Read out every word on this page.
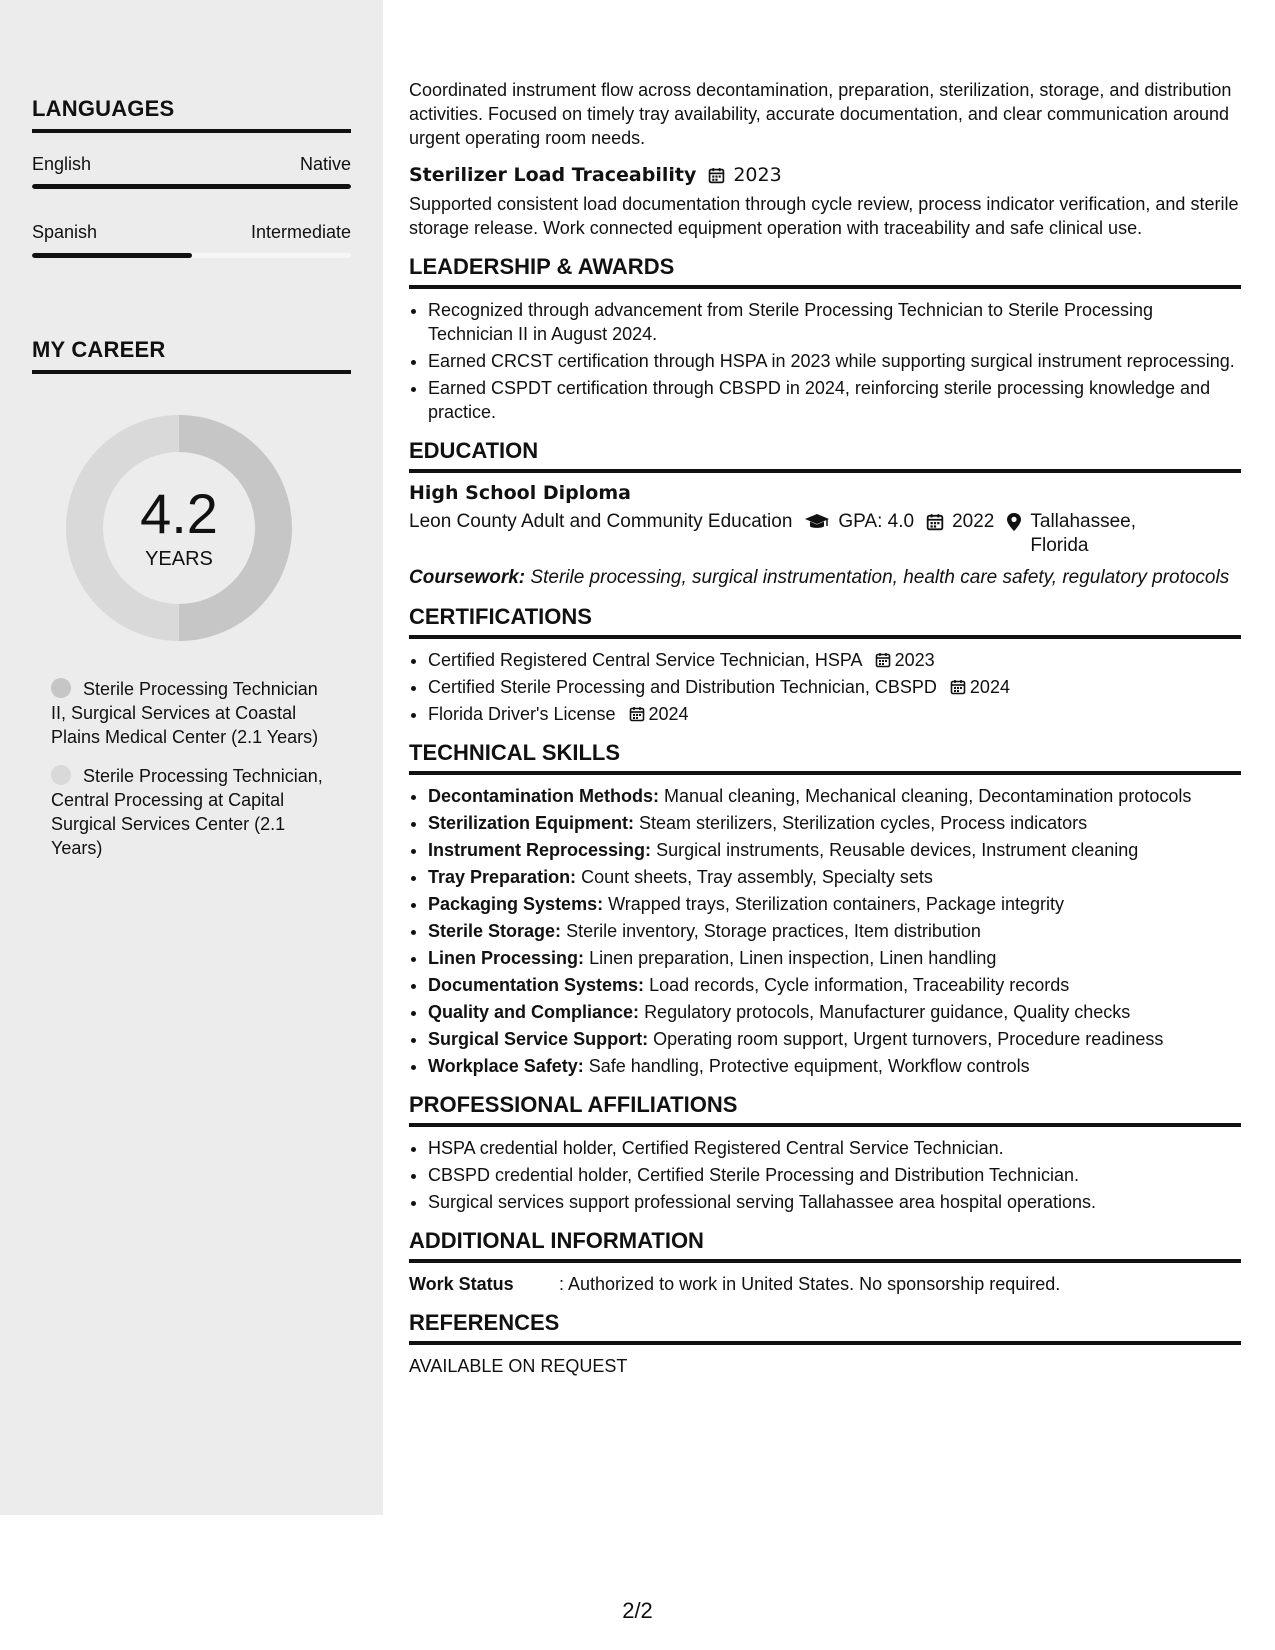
LANGUAGES
English	Native
Spanish	Intermediate
MY CAREER
4.2
YEARS
Sterile Processing Technician II, Surgical Services at Coastal Plains Medical Center (2.1 Years)
Sterile Processing Technician, Central Processing at Capital Surgical Services Center (2.1 Years)

Coordinated instrument flow across decontamination, preparation, sterilization, storage, and distribution activities. Focused on timely tray availability, accurate documentation, and clear communication around urgent operating room needs.

Sterilizer Load Traceability 2023

Supported consistent load documentation through cycle review, process indicator verification, and sterile storage release. Work connected equipment operation with traceability and safe clinical use.

LEADERSHIP & AWARDS
• Recognized through advancement from Sterile Processing Technician to Sterile Processing Technician II in August 2024.
• Earned CRCST certification through HSPA in 2023 while supporting surgical instrument reprocessing.
• Earned CSPDT certification through CBSPD in 2024, reinforcing sterile processing knowledge and practice.
EDUCATION
High School Diploma
Leon County Adult and Community Education GPA: 4.0 2022 Tallahassee, Florida

Coursework: Sterile processing, surgical instrumentation, health care safety, regulatory protocols

CERTIFICATIONS
• Certified Registered Central Service Technician, HSPA 2023
• Certified Sterile Processing and Distribution Technician, CBSPD 2024
• Florida Driver's License 2024
TECHNICAL SKILLS
• Decontamination Methods: Manual cleaning, Mechanical cleaning, Decontamination protocols
• Sterilization Equipment: Steam sterilizers, Sterilization cycles, Process indicators
• Instrument Reprocessing: Surgical instruments, Reusable devices, Instrument cleaning
• Tray Preparation: Count sheets, Tray assembly, Specialty sets
• Packaging Systems: Wrapped trays, Sterilization containers, Package integrity
• Sterile Storage: Sterile inventory, Storage practices, Item distribution
• Linen Processing: Linen preparation, Linen inspection, Linen handling
• Documentation Systems: Load records, Cycle information, Traceability records
• Quality and Compliance: Regulatory protocols, Manufacturer guidance, Quality checks
• Surgical Service Support: Operating room support, Urgent turnovers, Procedure readiness
• Workplace Safety: Safe handling, Protective equipment, Workflow controls
PROFESSIONAL AFFILIATIONS
• HSPA credential holder, Certified Registered Central Service Technician.
• CBSPD credential holder, Certified Sterile Processing and Distribution Technician.
• Surgical services support professional serving Tallahassee area hospital operations.
ADDITIONAL INFORMATION
Work Status	: Authorized to work in United States. No sponsorship required.
REFERENCES

AVAILABLE ON REQUEST

2/2
